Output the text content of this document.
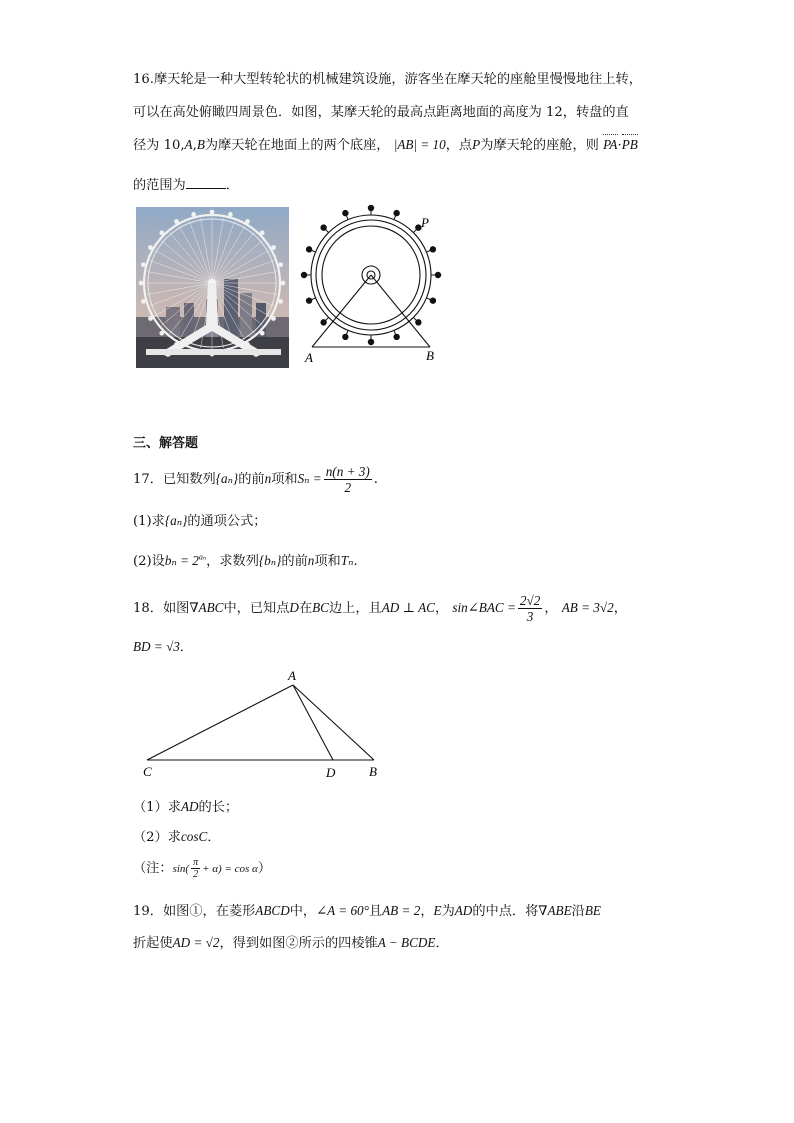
16.摩天轮是一种大型转轮状的机械建筑设施，游客坐在摩天轮的座舱里慢慢地往上转，
可以在高处俯瞰四周景色．如图，某摩天轮的最高点距离地面的高度为 12，转盘的直
径为 10,A,B为摩天轮在地面上的两个底座， |AB| = 10，点P为摩天轮的座舱，则 PA·PB
的范围为	．
A	B
P
三、解答题
17．已知数列{aₙ}的前n项和$S_n = \frac{n(n + 3)}{2}$ .
(1)求{aₙ}的通项公式；
(2)设$b_n = 2^{a_n}$，求数列{bₙ}的前n项和Tₙ.
18．如图∇ABC中，已知点D在BC边上，且AD ⊥ AC， sin∠BAC = $\frac{2√2}{3}$ ， AB = 3√2，
BD = √3．
A
C	D	B
（1）求AD的长；
（2）求cosC．
（注：$\sin( \frac{\pi}{2} + \alpha) = \cos \alpha$）
19．如图①，在菱形ABCD中，∠A = 60°且AB = 2，E为AD的中点．将∇ABE沿BE
折起使AD = √2，得到如图②所示的四棱锥A − BCDE．
